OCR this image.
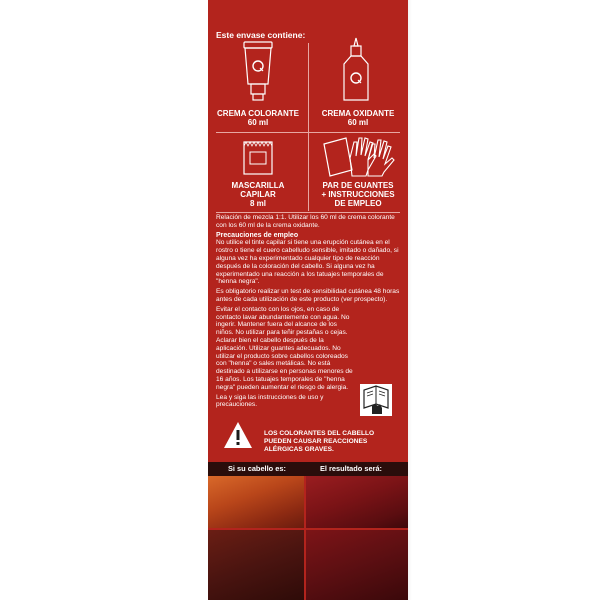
Este envase contiene:
CREMA COLORANTE
60 ml
CREMA OXIDANTE
60 ml
MASCARILLA
CAPILAR
8 ml
PAR DE GUANTES
+ INSTRUCCIONES
DE EMPLEO

Relación de mezcla 1:1. Utilizar los 60 ml de crema colorante con los 60 ml de la crema oxidante.

Precauciones de empleo

No utilice el tinte capilar si tiene una erupción cutánea en el rostro o tiene el cuero cabelludo sensible, imitado o dañado, si alguna vez ha experimentado cualquier tipo de reacción después de la coloración del cabello. Si alguna vez ha experimentado una reacción a los tatuajes temporales de "henna negra".

Es obligatorio realizar un test de sensibilidad cutánea 48 horas antes de cada utilización de este producto (ver prospecto).

Evitar el contacto con los ojos, en caso de contacto lavar abundantemente con agua. No ingerir. Mantener fuera del alcance de los niños. No utilizar para teñir pestañas o cejas. Aclarar bien el cabello después de la aplicación. Utilizar guantes adecuados. No utilizar el producto sobre cabellos coloreados con "henna" o sales metálicas. No está destinado a utilizarse en personas menores de 16 años. Los tatuajes temporales de "henna negra" pueden aumentar el riesgo de alergia.

Lea y siga las instrucciones de uso y precauciones.

LOS COLORANTES DEL CABELLO PUEDEN CAUSAR REACCIONES ALÉRGICAS GRAVES.
Si su cabello es:	El resultado será:
